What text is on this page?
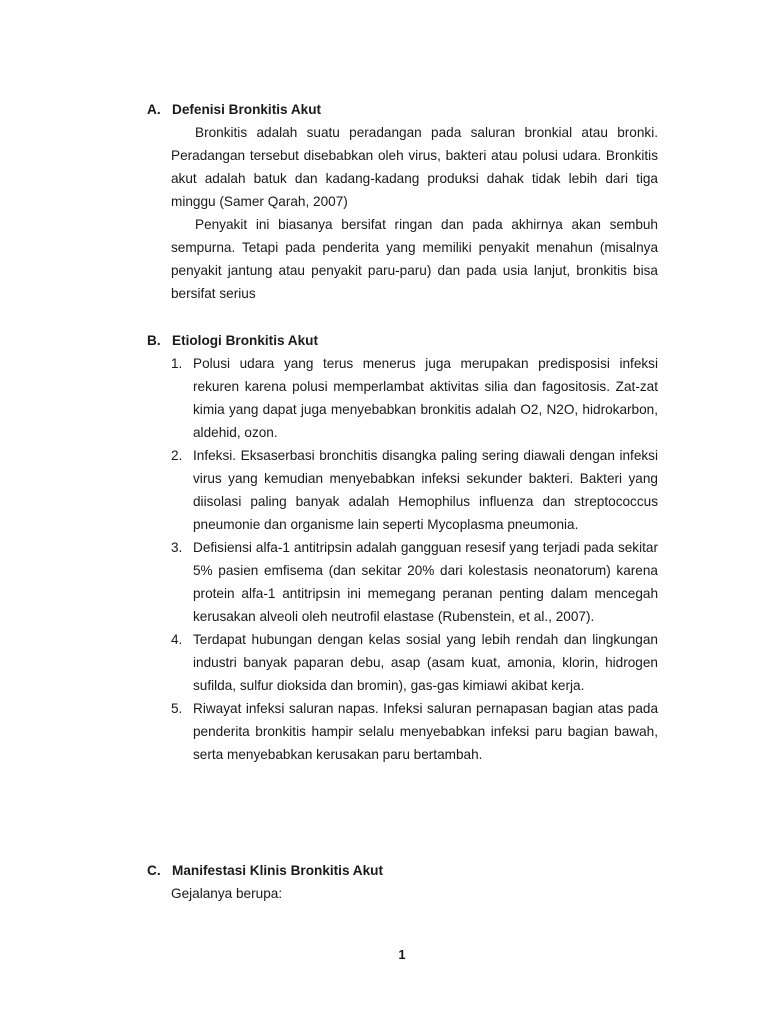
A. Defenisi Bronkitis Akut

Bronkitis adalah suatu peradangan pada saluran bronkial atau bronki. Peradangan tersebut disebabkan oleh virus, bakteri atau polusi udara. Bronkitis akut adalah batuk dan kadang-kadang produksi dahak tidak lebih dari tiga minggu (Samer Qarah, 2007)

Penyakit ini biasanya bersifat ringan dan pada akhirnya akan sembuh sempurna. Tetapi pada penderita yang memiliki penyakit menahun (misalnya penyakit jantung atau penyakit paru-paru) dan pada usia lanjut, bronkitis bisa bersifat serius

B. Etiologi Bronkitis Akut
1. Polusi udara yang terus menerus juga merupakan predisposisi infeksi rekuren karena polusi memperlambat aktivitas silia dan fagositosis. Zat-zat kimia yang dapat juga menyebabkan bronkitis adalah O2, N2O, hidrokarbon, aldehid, ozon.
2. Infeksi. Eksaserbasi bronchitis disangka paling sering diawali dengan infeksi virus yang kemudian menyebabkan infeksi sekunder bakteri. Bakteri yang diisolasi paling banyak adalah Hemophilus influenza dan streptococcus pneumonie dan organisme lain seperti Mycoplasma pneumonia.
3. Defisiensi alfa-1 antitripsin adalah gangguan resesif yang terjadi pada sekitar 5% pasien emfisema (dan sekitar 20% dari kolestasis neonatorum) karena protein alfa-1 antitripsin ini memegang peranan penting dalam mencegah kerusakan alveoli oleh neutrofil elastase (Rubenstein, et al., 2007).
4. Terdapat hubungan dengan kelas sosial yang lebih rendah dan lingkungan industri banyak paparan debu, asap (asam kuat, amonia, klorin, hidrogen sufilda, sulfur dioksida dan bromin), gas-gas kimiawi akibat kerja.
5. Riwayat infeksi saluran napas. Infeksi saluran pernapasan bagian atas pada penderita bronkitis hampir selalu menyebabkan infeksi paru bagian bawah, serta menyebabkan kerusakan paru bertambah.
C. Manifestasi Klinis Bronkitis Akut

Gejalanya berupa:

1
